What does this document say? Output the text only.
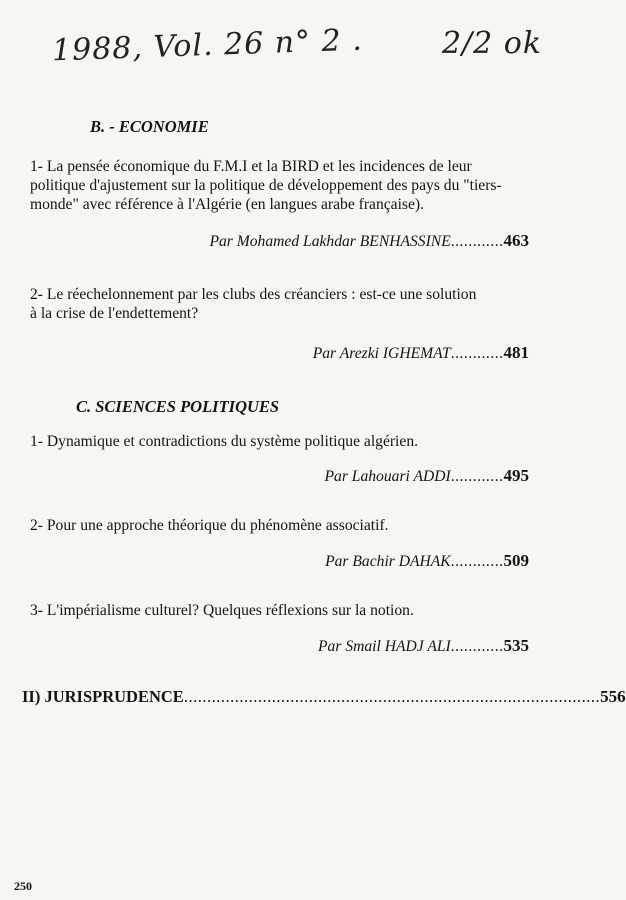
1988, Vol. 26 n° 2 .	2/2 ok
B. - ECONOMIE
1- La pensée économique du F.M.I et la BIRD et les incidences de leur
politique d'ajustement sur la politique de développement des pays du "tiers-
monde" avec référence à l'Algérie (en langues arabe française).
Par Mohamed Lakhdar BENHASSINE............463
2- Le réechelonnement par les clubs des créanciers : est-ce une solution
à la crise de l'endettement?
Par Arezki IGHEMAT............481
C. SCIENCES POLITIQUES
1- Dynamique et contradictions du système politique algérien.
Par Lahouari ADDI............495
2- Pour une approche théorique du phénomène associatif.
Par Bachir DAHAK............509
3- L'impérialisme culturel? Quelques réflexions sur la notion.
Par Smail HADJ ALI............535
II) JURISPRUDENCE .......................................................................................... 556
250
